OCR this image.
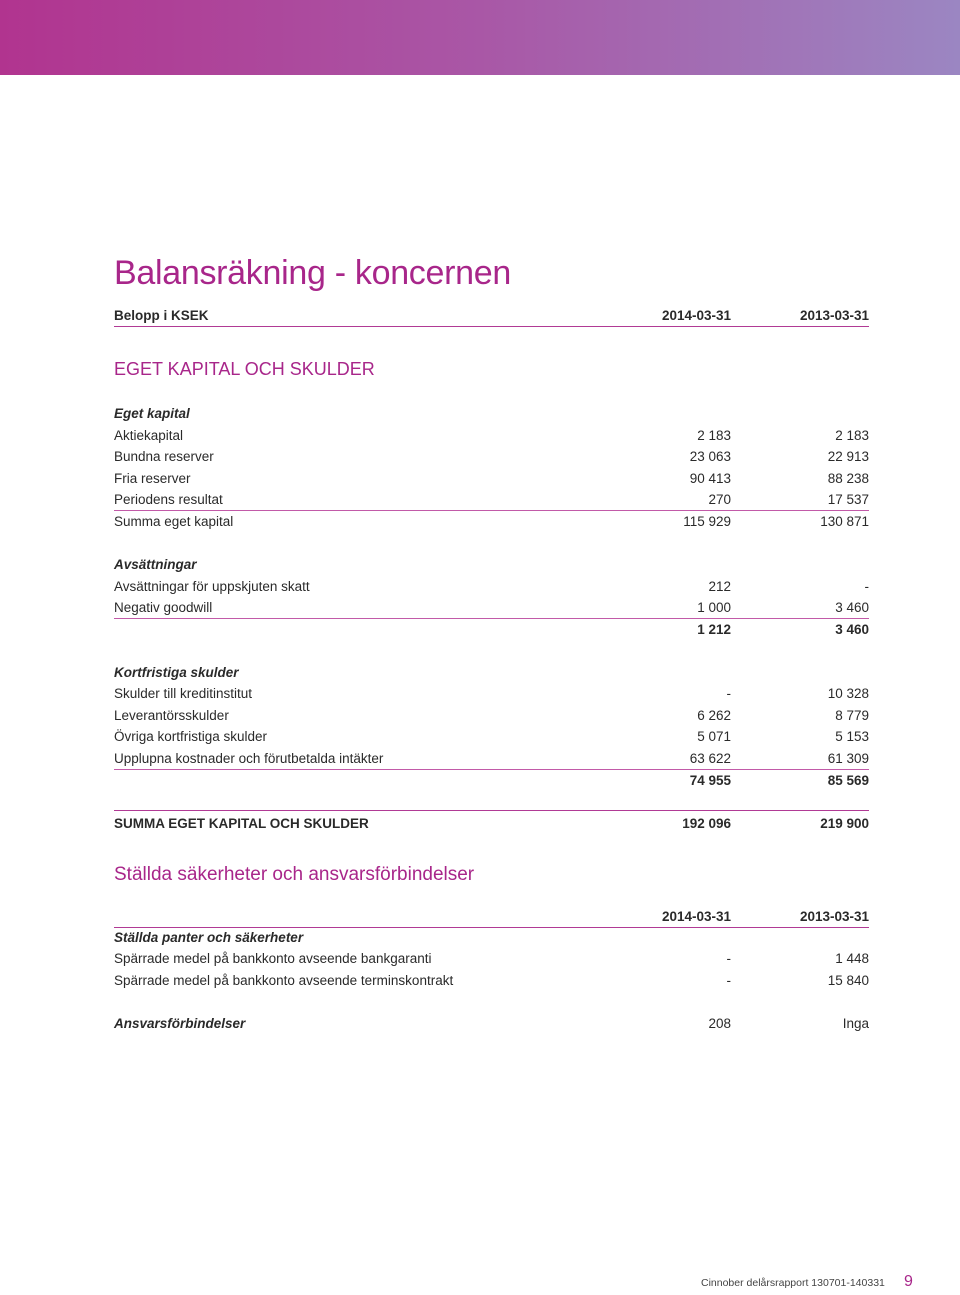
Balansräkning - koncernen
Belopp i KSEK	2014-03-31	2013-03-31
EGET KAPITAL OCH SKULDER
Eget kapital
Aktiekapital	2 183	2 183
Bundna reserver	23 063	22 913
Fria reserver	90 413	88 238
Periodens resultat	270	17 537
Summa eget kapital	115 929	130 871
Avsättningar
Avsättningar för uppskjuten skatt	212	-
Negativ goodwill	1 000	3 460
1 212	3 460
Kortfristiga skulder
Skulder till kreditinstitut	-	10 328
Leverantörsskulder	6 262	8 779
Övriga kortfristiga skulder	5 071	5 153
Upplupna kostnader och förutbetalda intäkter	63 622	61 309
74 955	85 569
SUMMA EGET KAPITAL OCH SKULDER	192 096	219 900
Ställda säkerheter och ansvarsförbindelser
2014-03-31	2013-03-31
Ställda panter och säkerheter
Spärrade medel på bankkonto avseende bankgaranti	-	1 448
Spärrade medel på bankkonto avseende terminskontrakt	-	15 840
Ansvarsförbindelser	208	Inga
Cinnober delårsrapport 130701-140331 9
